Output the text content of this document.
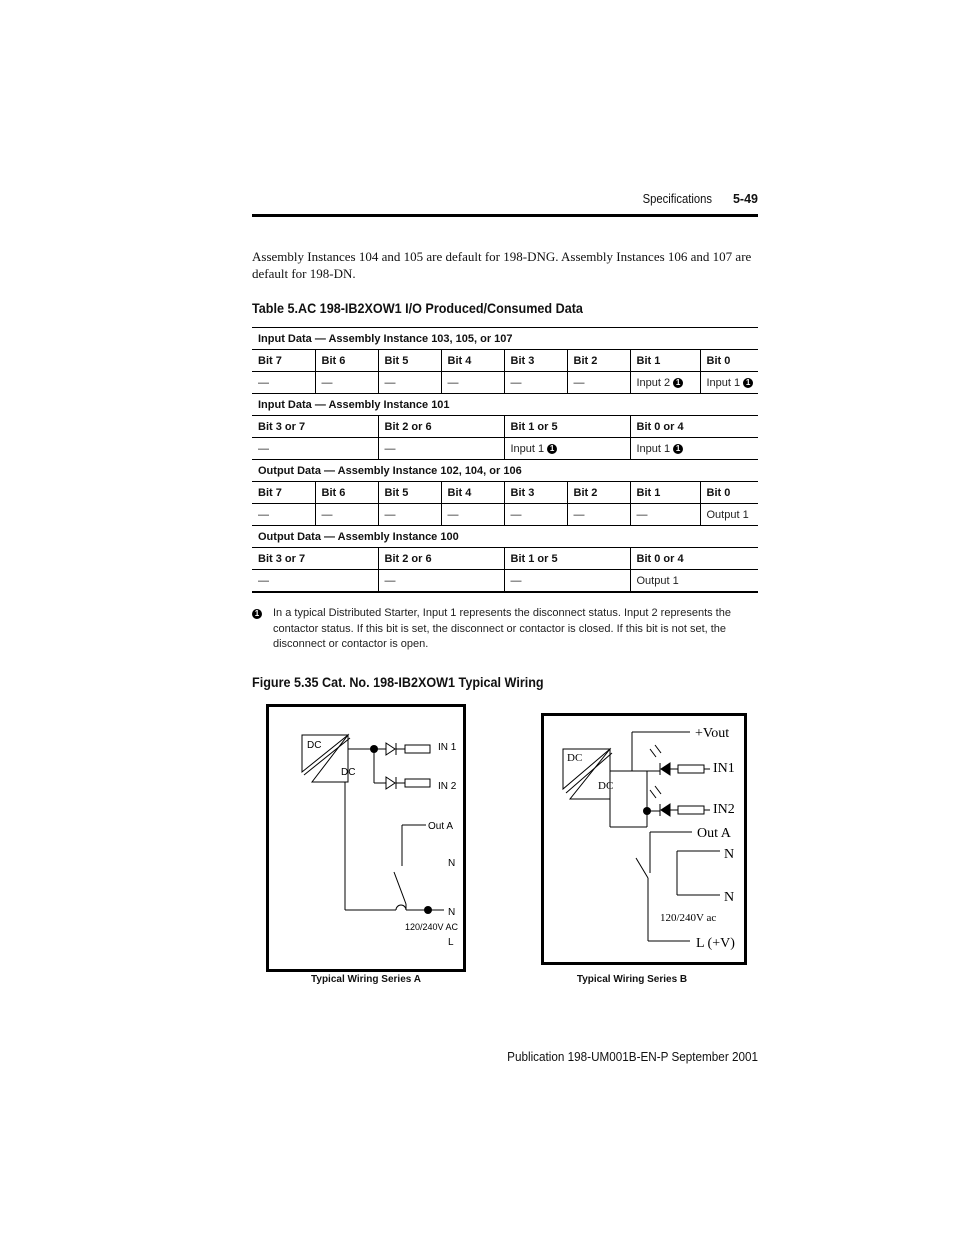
Specifications	5-49
Assembly Instances 104 and 105 are default for 198-DNG. Assembly Instances 106 and 107 are default for 198-DN.
Table 5.AC 198-IB2XOW1 I/O Produced/Consumed Data
Input Data — Assembly Instance 103, 105, or 107							
Bit 7	Bit 6	Bit 5	Bit 4	Bit 3	Bit 2	Bit 1	Bit 0
—	—	—	—	—	—	Input 2 1	Input 1 1
Input Data — Assembly Instance 101							
Bit 3 or 7		Bit 2 or 6		Bit 1 or 5		Bit 0 or 4	
—		—		Input 1 1		Input 1 1	
Output Data — Assembly Instance 102, 104, or 106							
Bit 7	Bit 6	Bit 5	Bit 4	Bit 3	Bit 2	Bit 1	Bit 0
—	—	—	—	—	—	—	Output 1
Output Data — Assembly Instance 100							
Bit 3 or 7		Bit 2 or 6		Bit 1 or 5		Bit 0 or 4	
—		—		—		Output 1	
1 In a typical Distributed Starter, Input 1 represents the disconnect status. Input 2 represents the contactor status. If this bit is set, the disconnect or contactor is closed. If this bit is not set, the disconnect or contactor is open.
Figure 5.35 Cat. No. 198-IB2XOW1 Typical Wiring
DC
DC
IN 1
IN 2
Out A
N
N
120/240V AC
L
DC
DC
+Vout
IN1
IN2
Out A
N
N
120/240V ac
L (+V)
Typical Wiring Series A	Typical Wiring Series B
Publication 198-UM001B-EN-P September 2001
